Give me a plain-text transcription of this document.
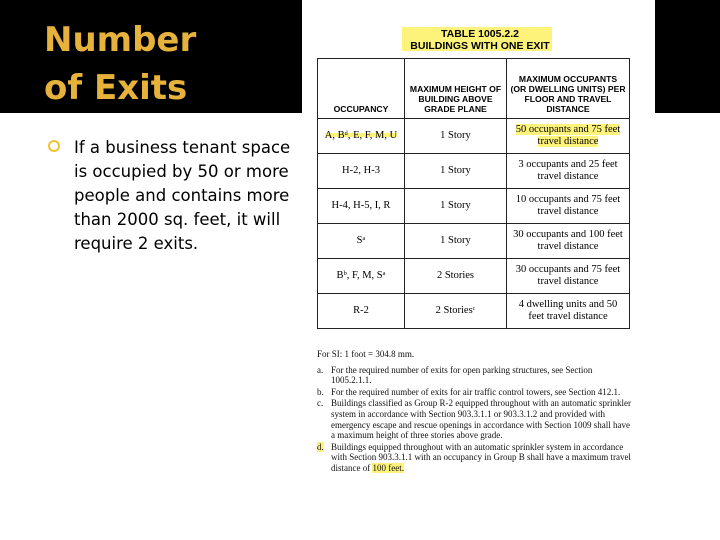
Number
of Exits
If a business tenant space is occupied by 50 or more people and contains more than 2000 sq. feet, it will require 2 exits.
TABLE 1005.2.2
BUILDINGS WITH ONE EXIT
OCCUPANCY	MAXIMUM HEIGHT OF BUILDING ABOVE GRADE PLANE	MAXIMUM OCCUPANTS (OR DWELLING UNITS) PER FLOOR AND TRAVEL DISTANCE
A, Bᵈ, E, F, M, U	1 Story	50 occupants and 75 feet travel distance
H-2, H-3	1 Story	3 occupants and 25 feet travel distance
H-4, H-5, I, R	1 Story	10 occupants and 75 feet travel distance
Sᵃ	1 Story	30 occupants and 100 feet travel distance
Bᵇ, F, M, Sᵃ	2 Stories	30 occupants and 75 feet travel distance
R-2	2 Storiesᶜ	4 dwelling units and 50 feet travel distance

For SI: 1 foot = 304.8 mm.

a. For the required number of exits for open parking structures, see Section 1005.2.1.1.

b. For the required number of exits for air traffic control towers, see Section 412.1.

c. Buildings classified as Group R-2 equipped throughout with an automatic sprinkler system in accordance with Section 903.3.1.1 or 903.3.1.2 and provided with emergency escape and rescue openings in accordance with Section 1009 shall have a maximum height of three stories above grade.

d. Buildings equipped throughout with an automatic sprinkler system in accordance with Section 903.3.1.1 with an occupancy in Group B shall have a maximum travel distance of 100 feet.
